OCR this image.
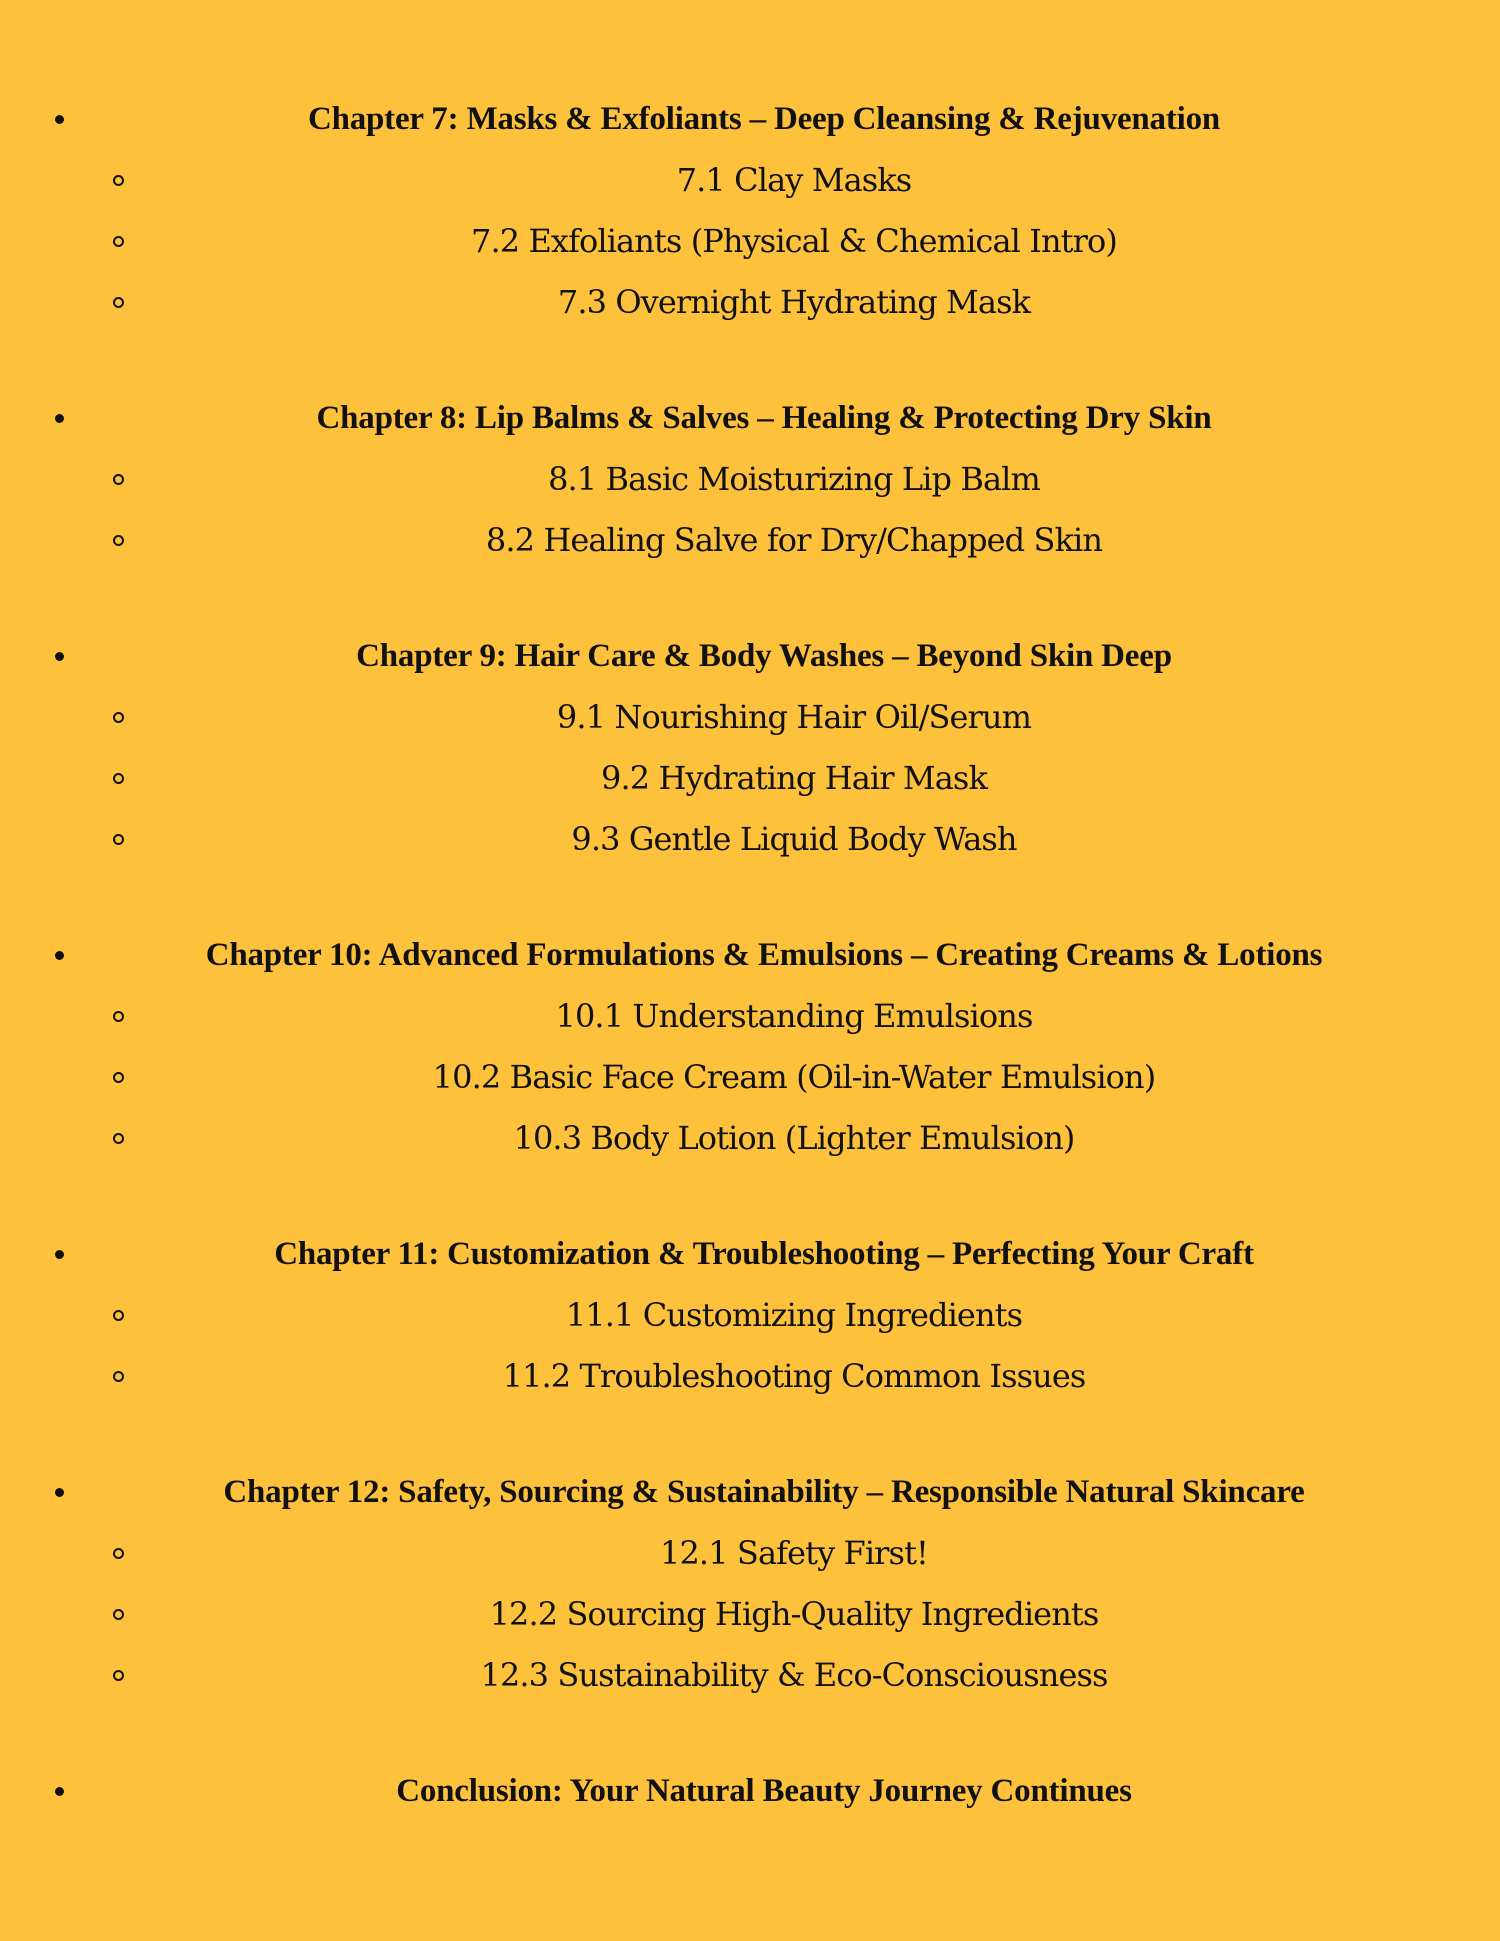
Chapter 7: Masks & Exfoliants – Deep Cleansing & Rejuvenation

7.1 Clay Masks
7.2 Exfoliants (Physical & Chemical Intro)
7.3 Overnight Hydrating Mask

Chapter 8: Lip Balms & Salves – Healing & Protecting Dry Skin

8.1 Basic Moisturizing Lip Balm
8.2 Healing Salve for Dry/Chapped Skin

Chapter 9: Hair Care & Body Washes – Beyond Skin Deep

9.1 Nourishing Hair Oil/Serum
9.2 Hydrating Hair Mask
9.3 Gentle Liquid Body Wash

Chapter 10: Advanced Formulations & Emulsions – Creating Creams & Lotions

10.1 Understanding Emulsions
10.2 Basic Face Cream (Oil-in-Water Emulsion)
10.3 Body Lotion (Lighter Emulsion)

Chapter 11: Customization & Troubleshooting – Perfecting Your Craft

11.1 Customizing Ingredients
11.2 Troubleshooting Common Issues

Chapter 12: Safety, Sourcing & Sustainability – Responsible Natural Skincare

12.1 Safety First!
12.2 Sourcing High-Quality Ingredients
12.3 Sustainability & Eco-Consciousness

Conclusion: Your Natural Beauty Journey Continues
